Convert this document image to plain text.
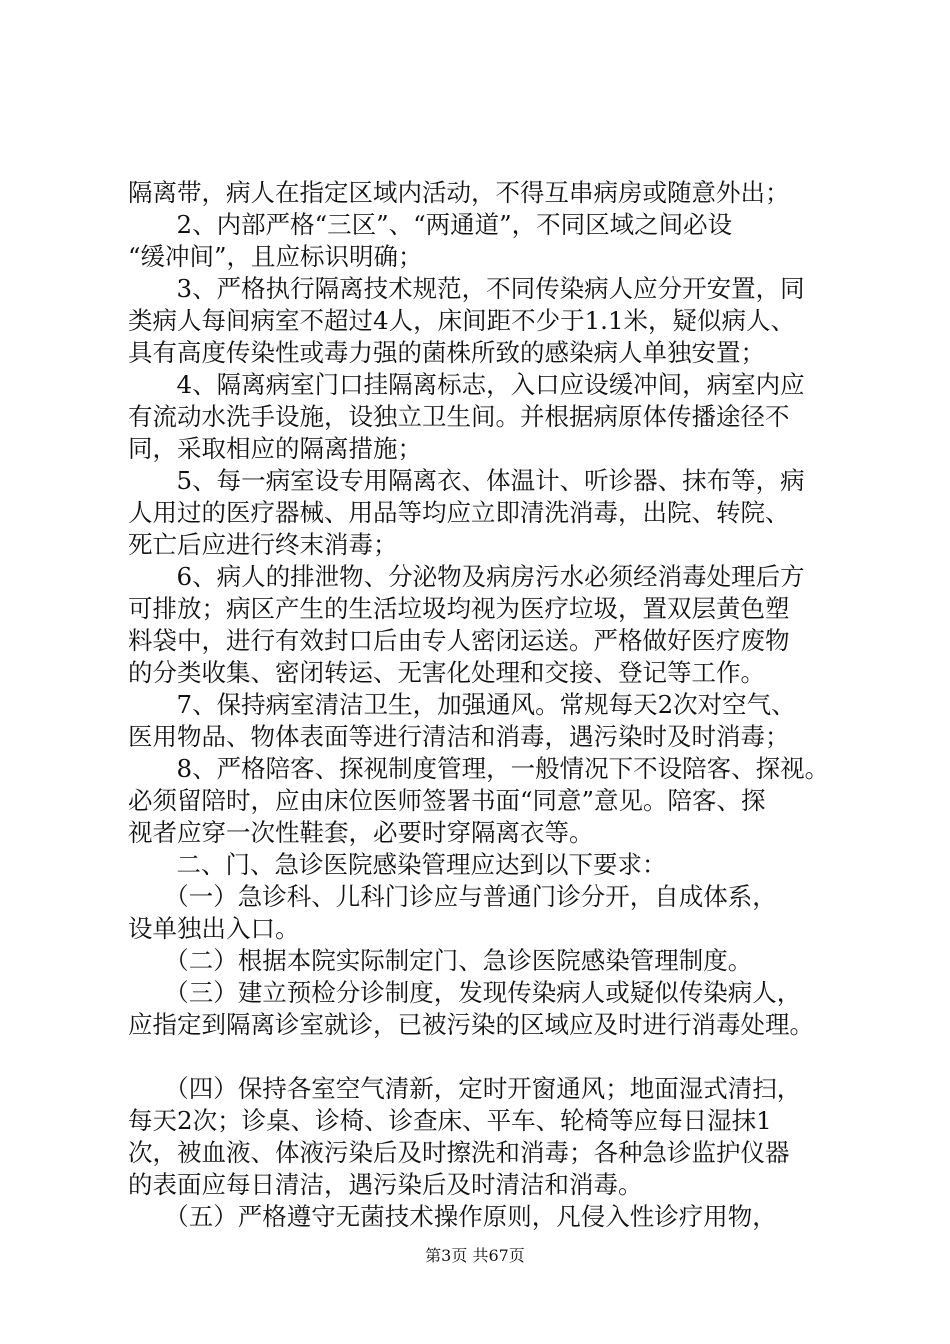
隔离带，病人在指定区域内活动，不得互串病房或随意外出；
　2、内部严格“三区”、“两通道”，不同区域之间必设
“缓冲间”，且应标识明确；
　3、严格执行隔离技术规范，不同传染病人应分开安置，同
类病人每间病室不超过4人，床间距不少于1.1米，疑似病人、
具有高度传染性或毒力强的菌株所致的感染病人单独安置；
　4、隔离病室门口挂隔离标志，入口应设缓冲间，病室内应
有流动水洗手设施，设独立卫生间。并根据病原体传播途径不
同，采取相应的隔离措施；
　5、每一病室设专用隔离衣、体温计、听诊器、抹布等，病
人用过的医疗器械、用品等均应立即清洗消毒，出院、转院、
死亡后应进行终末消毒；
　6、病人的排泄物、分泌物及病房污水必须经消毒处理后方
可排放；病区产生的生活垃圾均视为医疗垃圾，置双层黄色塑
料袋中，进行有效封口后由专人密闭运送。严格做好医疗废物
的分类收集、密闭转运、无害化处理和交接、登记等工作。
　7、保持病室清洁卫生，加强通风。常规每天2次对空气、
医用物品、物体表面等进行清洁和消毒，遇污染时及时消毒；
　8、严格陪客、探视制度管理，一般情况下不设陪客、探视。
必须留陪时，应由床位医师签署书面“同意”意见。陪客、探
视者应穿一次性鞋套，必要时穿隔离衣等。
　二、门、急诊医院感染管理应达到以下要求：
　（一）急诊科、儿科门诊应与普通门诊分开，自成体系，
设单独出入口。
　（二）根据本院实际制定门、急诊医院感染管理制度。
　（三）建立预检分诊制度，发现传染病人或疑似传染病人，
应指定到隔离诊室就诊，已被污染的区域应及时进行消毒处理。
　（四）保持各室空气清新，定时开窗通风；地面湿式清扫，
每天2次；诊桌、诊椅、诊查床、平车、轮椅等应每日湿抹1
次，被血液、体液污染后及时擦洗和消毒；各种急诊监护仪器
的表面应每日清洁，遇污染后及时清洁和消毒。
　（五）严格遵守无菌技术操作原则，凡侵入性诊疗用物，
第3页 共67页
